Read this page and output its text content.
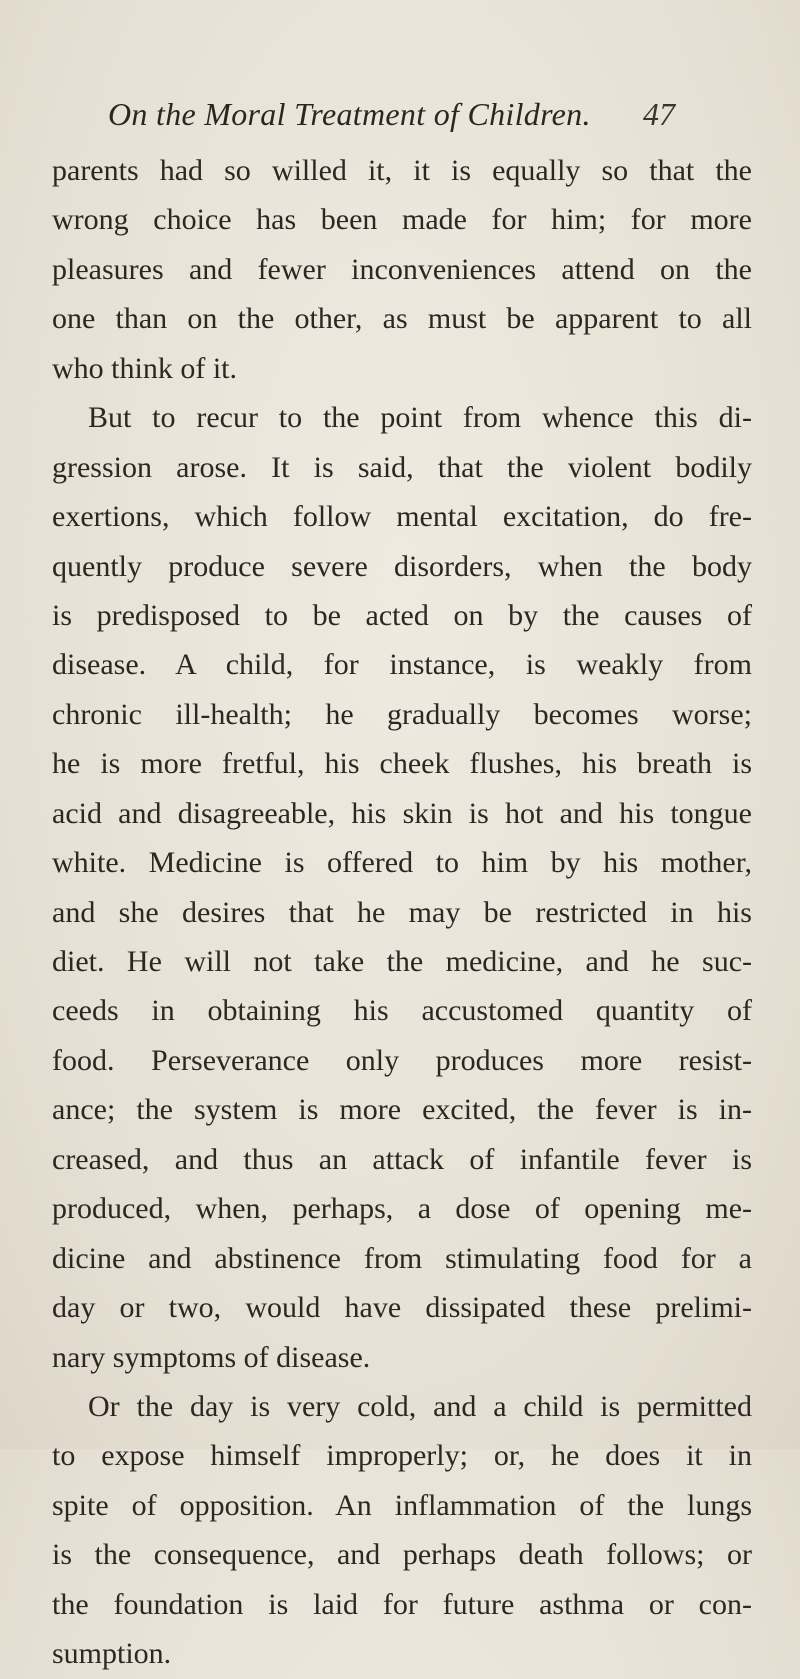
On the Moral Treatment of Children. 47
parents had so willed it, it is equally so that the
wrong choice has been made for him; for more
pleasures and fewer inconveniences attend on the
one than on the other, as must be apparent to all
who think of it.
But to recur to the point from whence this di-
gression arose. It is said, that the violent bodily
exertions, which follow mental excitation, do fre-
quently produce severe disorders, when the body
is predisposed to be acted on by the causes of
disease. A child, for instance, is weakly from
chronic ill-health; he gradually becomes worse;
he is more fretful, his cheek flushes, his breath is
acid and disagreeable, his skin is hot and his tongue
white. Medicine is offered to him by his mother,
and she desires that he may be restricted in his
diet. He will not take the medicine, and he suc-
ceeds in obtaining his accustomed quantity of
food. Perseverance only produces more resist-
ance; the system is more excited, the fever is in-
creased, and thus an attack of infantile fever is
produced, when, perhaps, a dose of opening me-
dicine and abstinence from stimulating food for a
day or two, would have dissipated these prelimi-
nary symptoms of disease.
Or the day is very cold, and a child is permitted
to expose himself improperly; or, he does it in
spite of opposition. An inflammation of the lungs
is the consequence, and perhaps death follows; or
the foundation is laid for future asthma or con-
sumption.
